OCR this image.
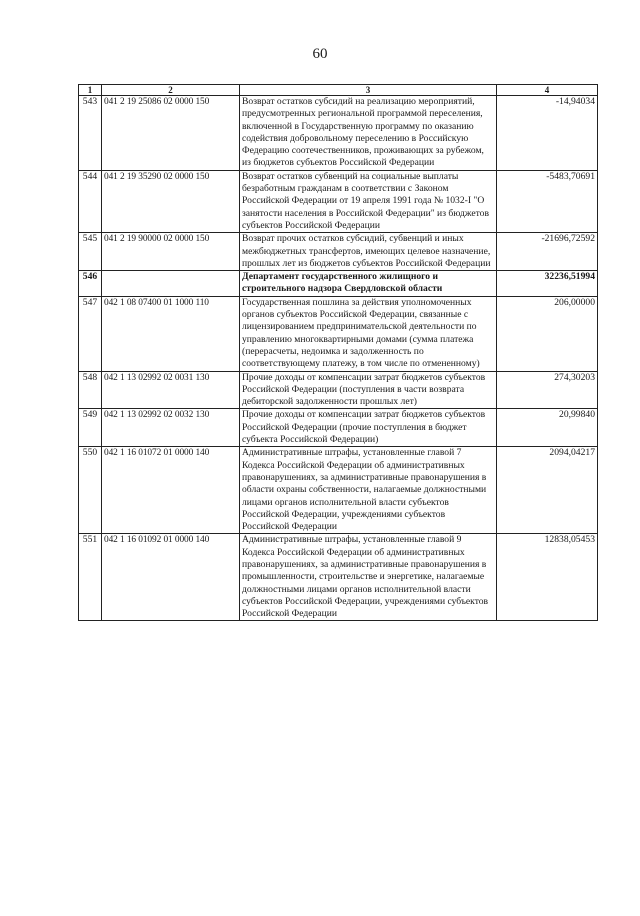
60
1	2	3	4
543	041 2 19 25086 02 0000 150	Возврат остатков субсидий на реализацию мероприятий, предусмотренных региональной программой переселения, включенной в Государственную программу по оказанию содействия добровольному переселению в Российскую Федерацию соотечественников, проживающих за рубежом, из бюджетов субъектов Российской Федерации	-14,94034
544	041 2 19 35290 02 0000 150	Возврат остатков субвенций на социальные выплаты безработным гражданам в соответствии с Законом Российской Федерации от 19 апреля 1991 года № 1032-I "О занятости населения в Российской Федерации" из бюджетов субъектов Российской Федерации	-5483,70691
545	041 2 19 90000 02 0000 150	Возврат прочих остатков субсидий, субвенций и иных межбюджетных трансфертов, имеющих целевое назначение, прошлых лет из бюджетов субъектов Российской Федерации	-21696,72592
546		Департамент государственного жилищного и строительного надзора Свердловской области	32236,51994
547	042 1 08 07400 01 1000 110	Государственная пошлина за действия уполномоченных органов субъектов Российской Федерации, связанные с лицензированием предпринимательской деятельности по управлению многоквартирными домами (сумма платежа (перерасчеты, недоимка и задолженность по соответствующему платежу, в том числе по отмененному)	206,00000
548	042 1 13 02992 02 0031 130	Прочие доходы от компенсации затрат бюджетов субъектов Российской Федерации (поступления в части возврата дебиторской задолженности прошлых лет)	274,30203
549	042 1 13 02992 02 0032 130	Прочие доходы от компенсации затрат бюджетов субъектов Российской Федерации (прочие поступления в бюджет субъекта Российской Федерации)	20,99840
550	042 1 16 01072 01 0000 140	Административные штрафы, установленные главой 7 Кодекса Российской Федерации об административных правонарушениях, за административные правонарушения в области охраны собственности, налагаемые должностными лицами органов исполнительной власти субъектов Российской Федерации, учреждениями субъектов Российской Федерации	2094,04217
551	042 1 16 01092 01 0000 140	Административные штрафы, установленные главой 9 Кодекса Российской Федерации об административных правонарушениях, за административные правонарушения в промышленности, строительстве и энергетике, налагаемые должностными лицами органов исполнительной власти субъектов Российской Федерации, учреждениями субъектов Российской Федерации	12838,05453
